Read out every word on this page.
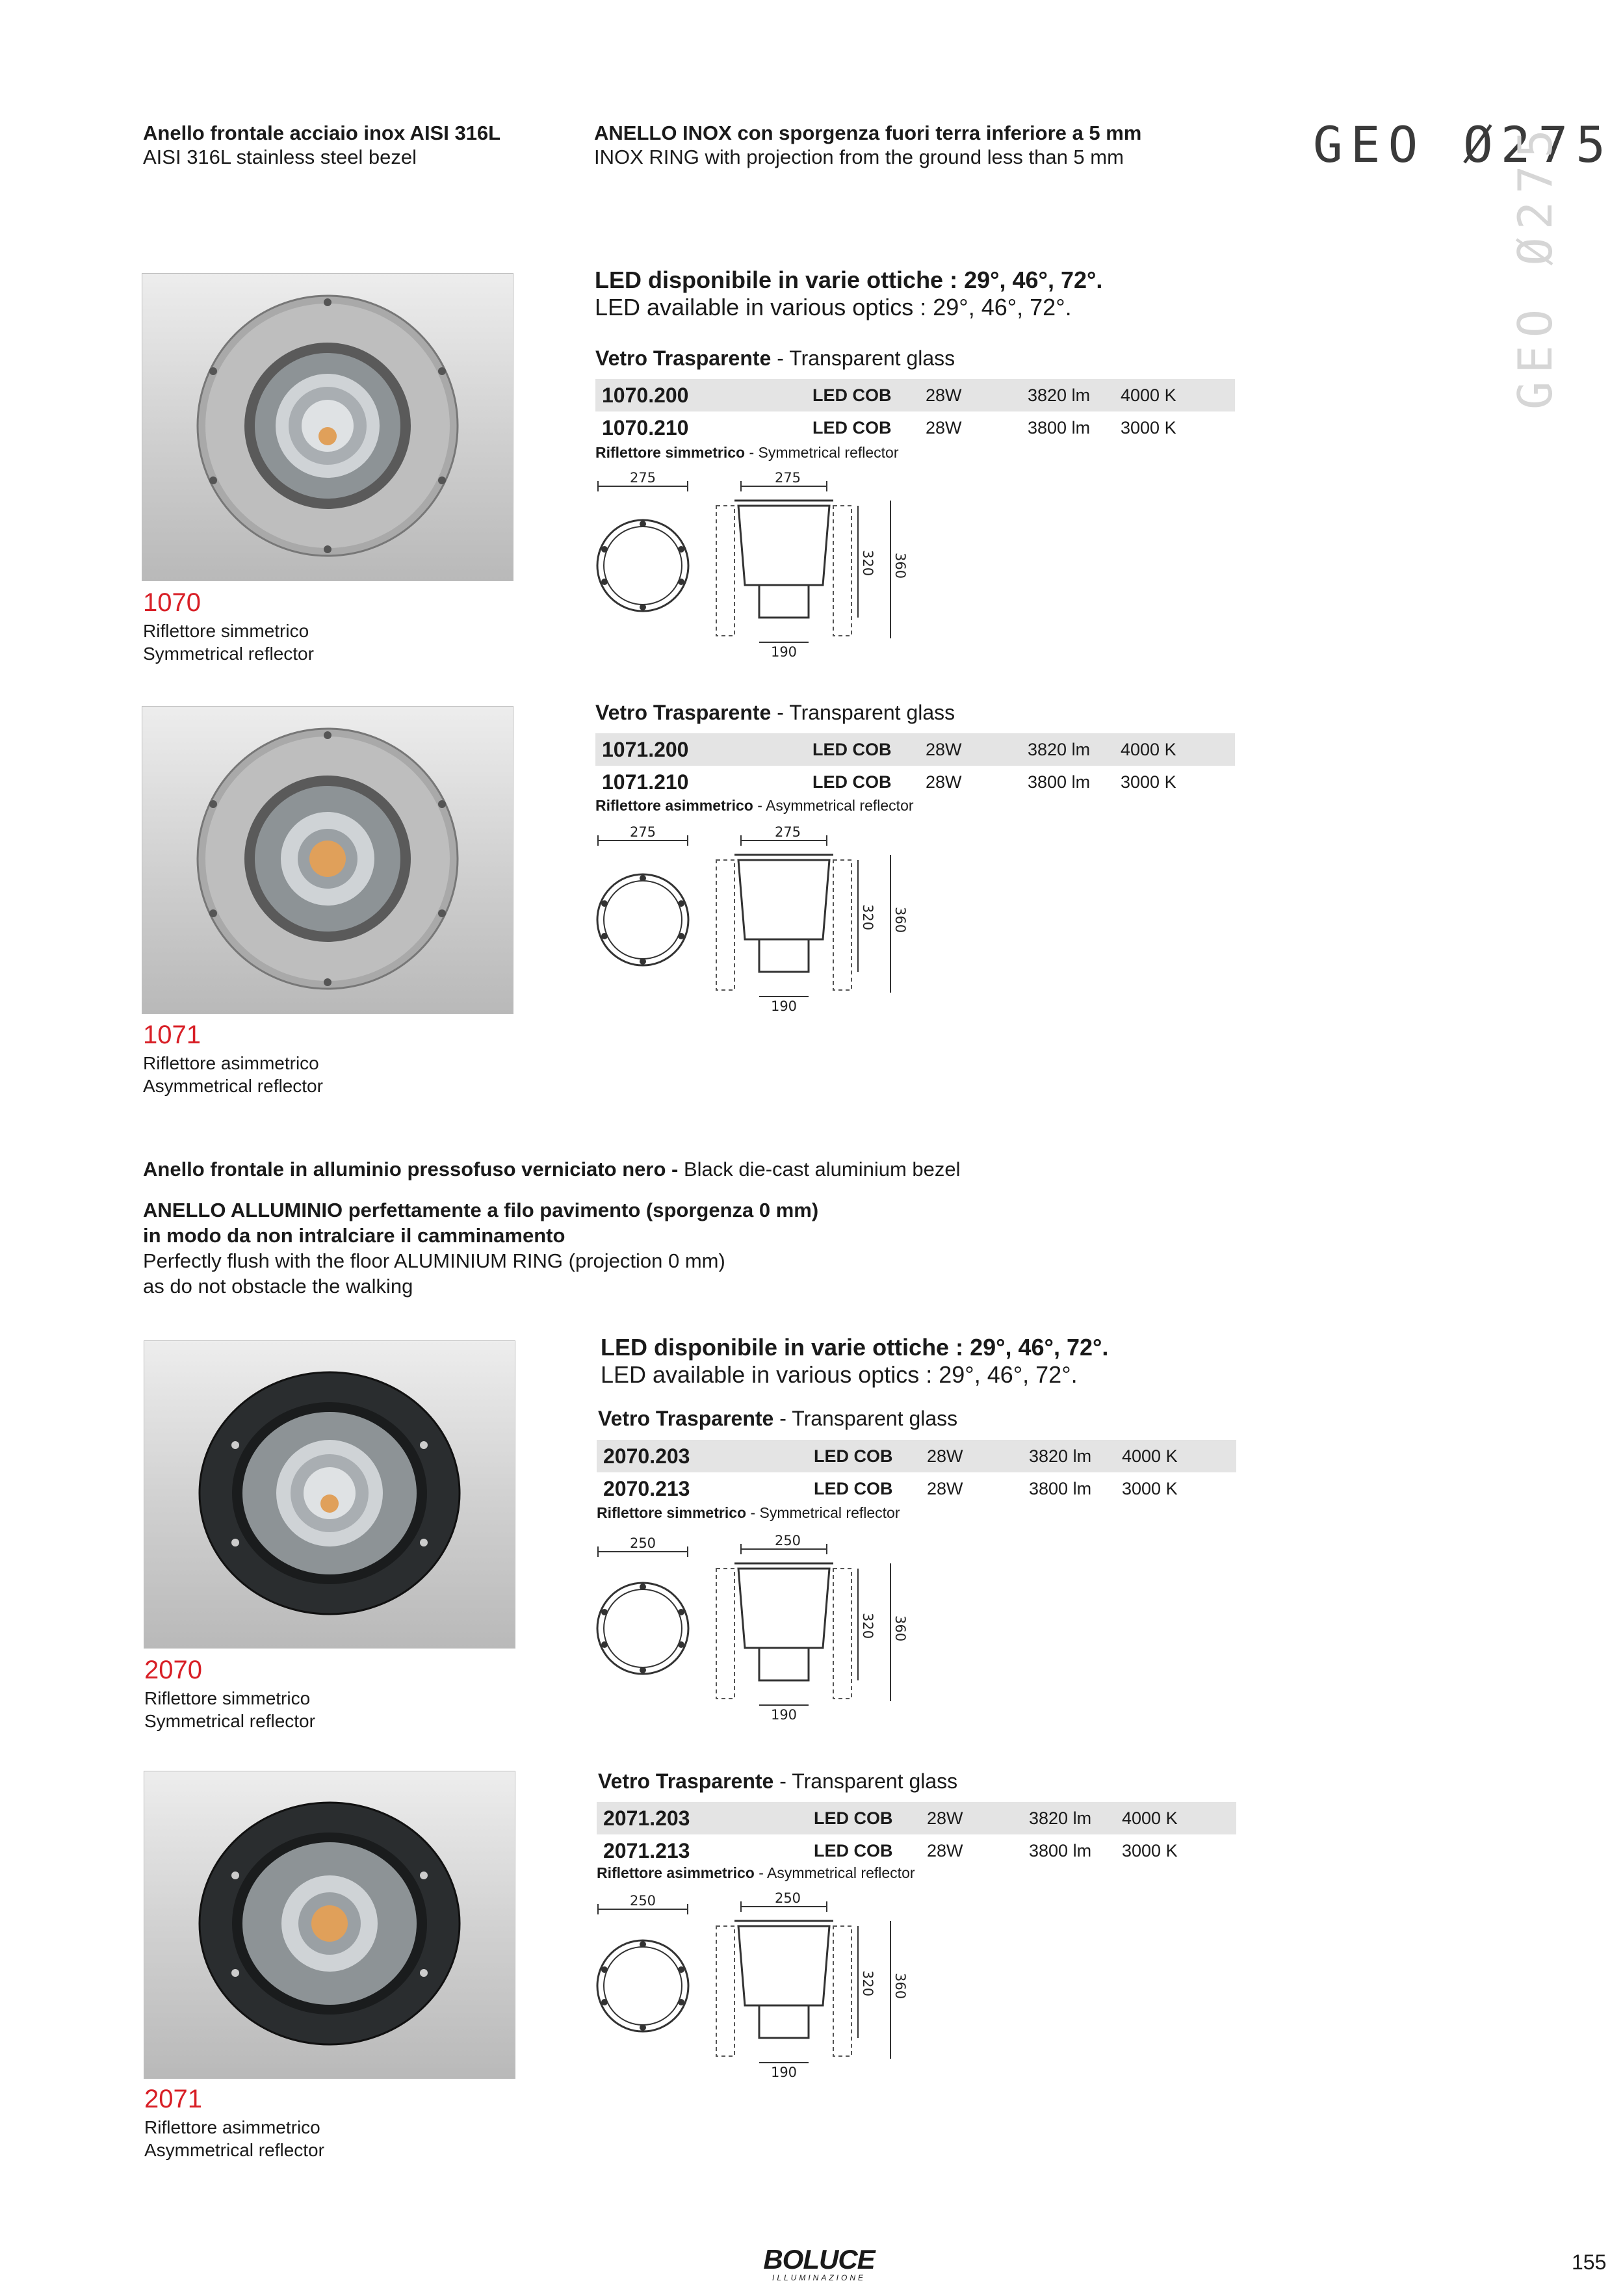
Anello frontale acciaio inox AISI 316L
AISI 316L stainless steel bezel
ANELLO INOX con sporgenza fuori terra inferiore a 5 mm
INOX RING with projection from the ground less than 5 mm	GEO Ø275
GEO Ø275
LED disponibile in varie ottiche : 29°, 46°, 72°.
LED available in various optics : 29°, 46°, 72°.
1070
Riflettore simmetrico
Symmetrical reflector
Vetro Trasparente - Transparent glass
1070.200	LED COB 28W	3820 lm 4000 K
1070.210	LED COB 28W	3800 lm 3000 K
Riflettore simmetrico - Symmetrical reflector
275	275
320 360
190
1071
Riflettore asimmetrico
Asymmetrical reflector
Vetro Trasparente - Transparent glass
1071.200	LED COB 28W	3820 lm 4000 K
1071.210	LED COB 28W	3800 lm 3000 K
Riflettore asimmetrico - Asymmetrical reflector
275	275
320 360
190
Anello frontale in alluminio pressofuso verniciato nero - Black die-cast aluminium bezel
ANELLO ALLUMINIO perfettamente a filo pavimento (sporgenza 0 mm)
in modo da non intralciare il camminamento
Perfectly flush with the floor ALUMINIUM RING (projection 0 mm)
as do not obstacle the walking
LED disponibile in varie ottiche : 29°, 46°, 72°.
LED available in various optics : 29°, 46°, 72°.
2070
Riflettore simmetrico
Symmetrical reflector
Vetro Trasparente - Transparent glass
2070.203	LED COB 28W	3820 lm 4000 K
2070.213	LED COB 28W	3800 lm 3000 K
Riflettore simmetrico - Symmetrical reflector
250	250
320 360
190
2071
Riflettore asimmetrico
Asymmetrical reflector
Vetro Trasparente - Transparent glass
2071.203	LED COB 28W	3820 lm 4000 K
2071.213	LED COB 28W	3800 lm 3000 K
Riflettore asimmetrico - Asymmetrical reflector
250	250
320 360
190
BOLUCE
ILLUMINAZIONE
155
